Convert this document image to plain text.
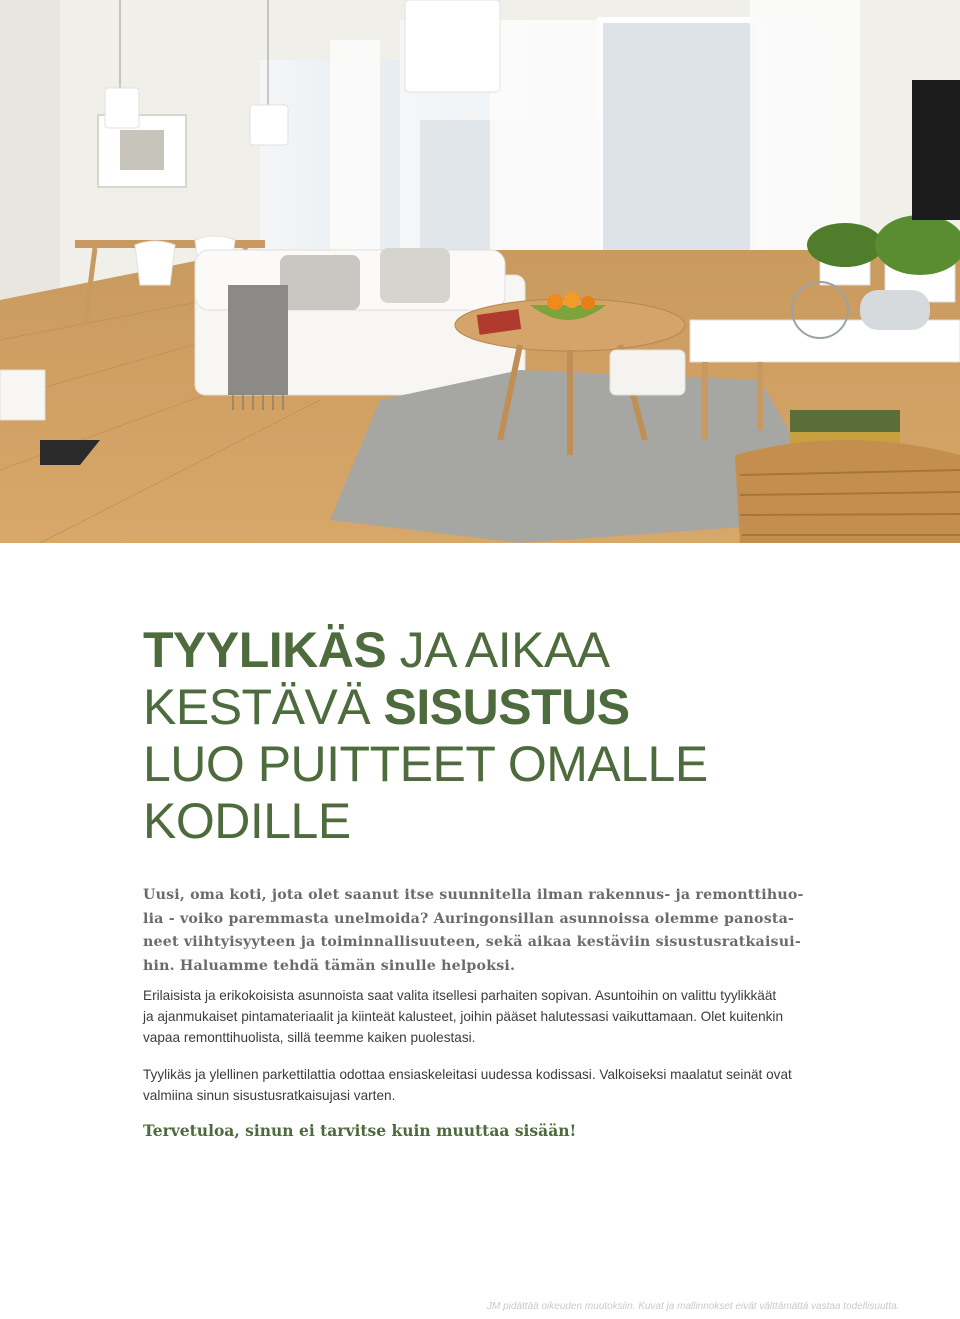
TYYLIKÄS JA AIKAA
KESTÄVÄ SISUSTUS
LUO PUITTEET OMALLE
KODILLE
Uusi, oma koti, jota olet saanut itse suunnitella ilman rakennus- ja remonttihuo-
lia - voiko paremmasta unelmoida? Auringonsillan asunnoissa olemme panosta-
neet viihtyisyyteen ja toiminnallisuuteen, sekä aikaa kestäviin sisustusratkaisui-
hin. Haluamme tehdä tämän sinulle helpoksi.
Erilaisista ja erikokoisista asunnoista saat valita itsellesi parhaiten sopivan. Asuntoihin on valittu tyylikkäät
ja ajanmukaiset pintamateriaalit ja kiinteät kalusteet, joihin pääset halutessasi vaikuttamaan. Olet kuitenkin
vapaa remonttihuolista, sillä teemme kaiken puolestasi.
Tyylikäs ja ylellinen parkettilattia odottaa ensiaskeleitasi uudessa kodissasi. Valkoiseksi maalatut seinät ovat
valmiina sinun sisustusratkaisujasi varten.
Tervetuloa, sinun ei tarvitse kuin muuttaa sisään!
JM pidättää oikeuden muutoksiin. Kuvat ja mallinnokset eivät välttämättä vastaa todellisuutta.
